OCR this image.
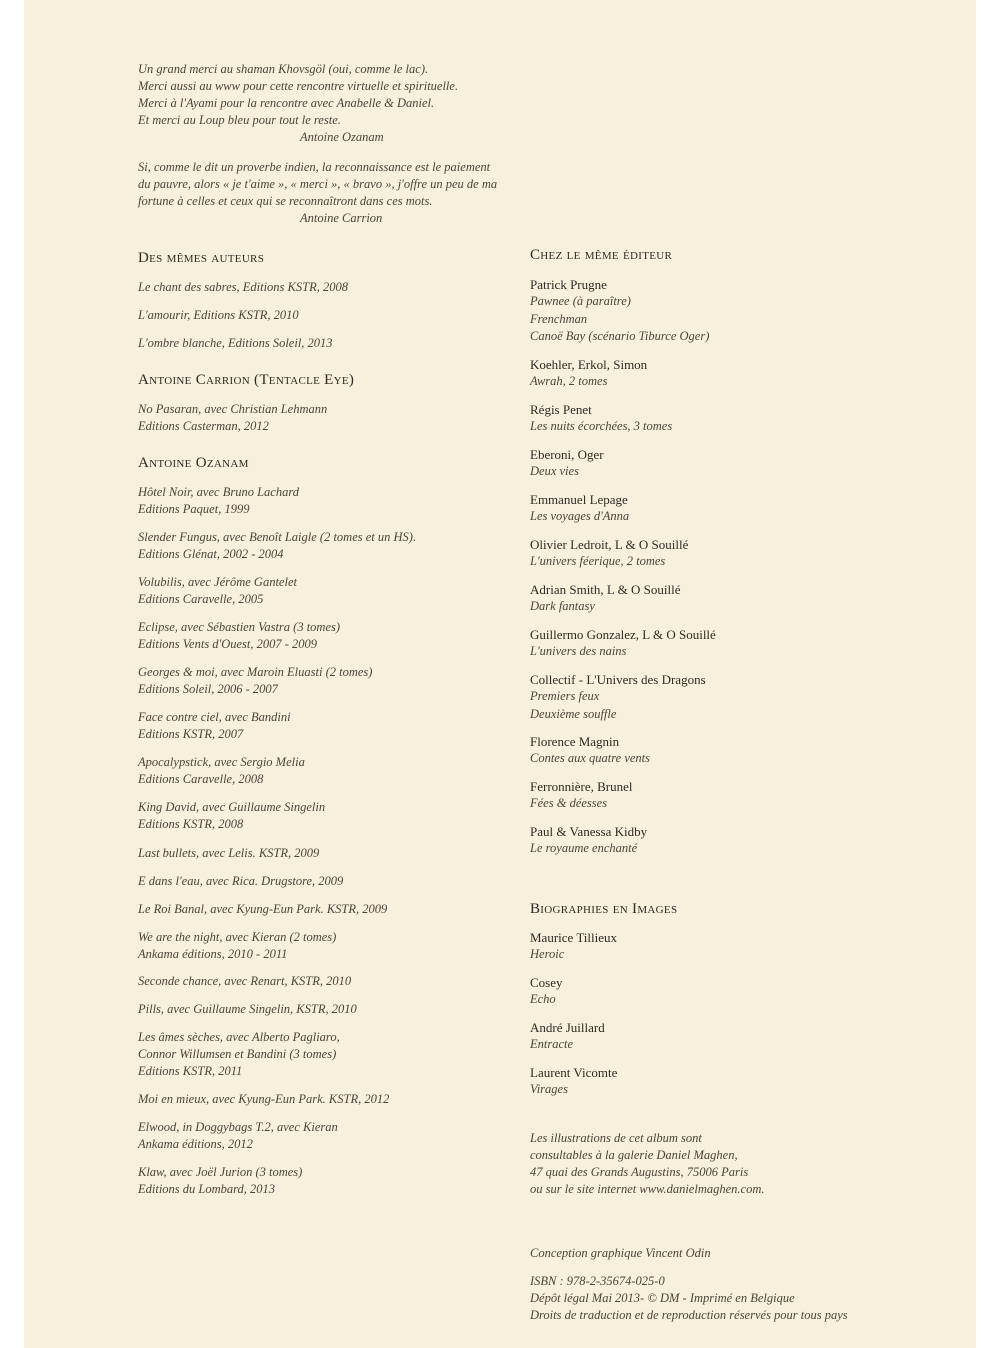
Un grand merci au shaman Khovsgöl (oui, comme le lac).
Merci aussi au www pour cette rencontre virtuelle et spirituelle.
Merci à l'Ayami pour la rencontre avec Anabelle & Daniel.
Et merci au Loup bleu pour tout le reste.
Antoine Ozanam
Si, comme le dit un proverbe indien, la reconnaissance est le paiement
du pauvre, alors « je t'aime », « merci », « bravo », j'offre un peu de ma
fortune à celles et ceux qui se reconnaîtront dans ces mots.
Antoine Carrion
Des mêmes auteurs
Le chant des sabres, Editions KSTR, 2008
L'amourir, Editions KSTR, 2010
L'ombre blanche, Editions Soleil, 2013
Antoine Carrion (Tentacle Eye)
No Pasaran, avec Christian Lehmann
Editions Casterman, 2012
Antoine Ozanam
Hôtel Noir, avec Bruno Lachard
Editions Paquet, 1999
Slender Fungus, avec Benoît Laigle (2 tomes et un HS).
Editions Glénat, 2002 - 2004
Volubilis, avec Jérôme Gantelet
Editions Caravelle, 2005
Eclipse, avec Sébastien Vastra (3 tomes)
Editions Vents d'Ouest, 2007 - 2009
Georges & moi, avec Maroin Eluasti (2 tomes)
Editions Soleil, 2006 - 2007
Face contre ciel, avec Bandini
Editions KSTR, 2007
Apocalypstick, avec Sergio Melia
Editions Caravelle, 2008
King David, avec Guillaume Singelin
Editions KSTR, 2008
Last bullets, avec Lelis. KSTR, 2009
E dans l'eau, avec Rica. Drugstore, 2009
Le Roi Banal, avec Kyung-Eun Park. KSTR, 2009
We are the night, avec Kieran (2 tomes)
Ankama éditions, 2010 - 2011
Seconde chance, avec Renart, KSTR, 2010
Pills, avec Guillaume Singelin, KSTR, 2010
Les âmes sèches, avec Alberto Pagliaro,
Connor Willumsen et Bandini (3 tomes)
Editions KSTR, 2011
Moi en mieux, avec Kyung-Eun Park. KSTR, 2012
Elwood, in Doggybags T.2, avec Kieran
Ankama éditions, 2012
Klaw, avec Joël Jurion (3 tomes)
Editions du Lombard, 2013
Chez le même éditeur
Patrick Prugne
Pawnee (à paraître)
Frenchman
Canoë Bay (scénario Tiburce Oger)
Koehler, Erkol, Simon
Awrah, 2 tomes
Régis Penet
Les nuits écorchées, 3 tomes
Eberoni, Oger
Deux vies
Emmanuel Lepage
Les voyages d'Anna
Olivier Ledroit, L & O Souillé
L'univers féerique, 2 tomes
Adrian Smith, L & O Souillé
Dark fantasy
Guillermo Gonzalez, L & O Souillé
L'univers des nains
Collectif - L'Univers des Dragons
Premiers feux
Deuxième souffle
Florence Magnin
Contes aux quatre vents
Ferronnière, Brunel
Fées & déesses
Paul & Vanessa Kidby
Le royaume enchanté
Biographies en Images
Maurice Tillieux
Heroic
Cosey
Echo
André Juillard
Entracte
Laurent Vicomte
Virages
Les illustrations de cet album sont
consultables à la galerie Daniel Maghen,
47 quai des Grands Augustins, 75006 Paris
ou sur le site internet www.danielmaghen.com.
Conception graphique Vincent Odin
ISBN : 978-2-35674-025-0
Dépôt légal Mai 2013- © DM - Imprimé en Belgique
Droits de traduction et de reproduction réservés pour tous pays
